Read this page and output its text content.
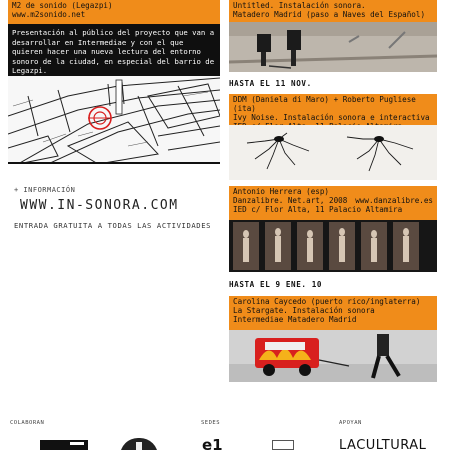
M2 de sonido (Legazpi)
www.m2sonido.net
Presentación al público del proyecto que van a desarrollar en Intermediae y con el que quieren hacer una nueva lectura del entorno sonoro de la ciudad, en especial del barrio de Legazpi.
+ INFORMACIÓN
WWW.IN-SONORA.COM
ENTRADA GRATUITA A TODAS LAS ACTIVIDADES
Untitled. Instalación sonora.
Matadero Madrid (paso a Naves del Español)
HASTA EL 11 NOV.
DDM (Daniela di Maro) + Roberto Pugliese (ita)
Ivy Noise. Instalación sonora e interactiva
Antonio Herrera (esp)
Danzalibre. Net.art, 2008 www.danzalibre.es
IED c/ Flor Alta, 11 Palacio Altamira
HASTA EL 9 ENE. 10
Carolina Caycedo (puerto rico/inglaterra)
La Stargate. Instalación sonora
Intermediae Matadero Madrid
COLABORAN	SEDES	APOYAN
e1	LACULTURAL
